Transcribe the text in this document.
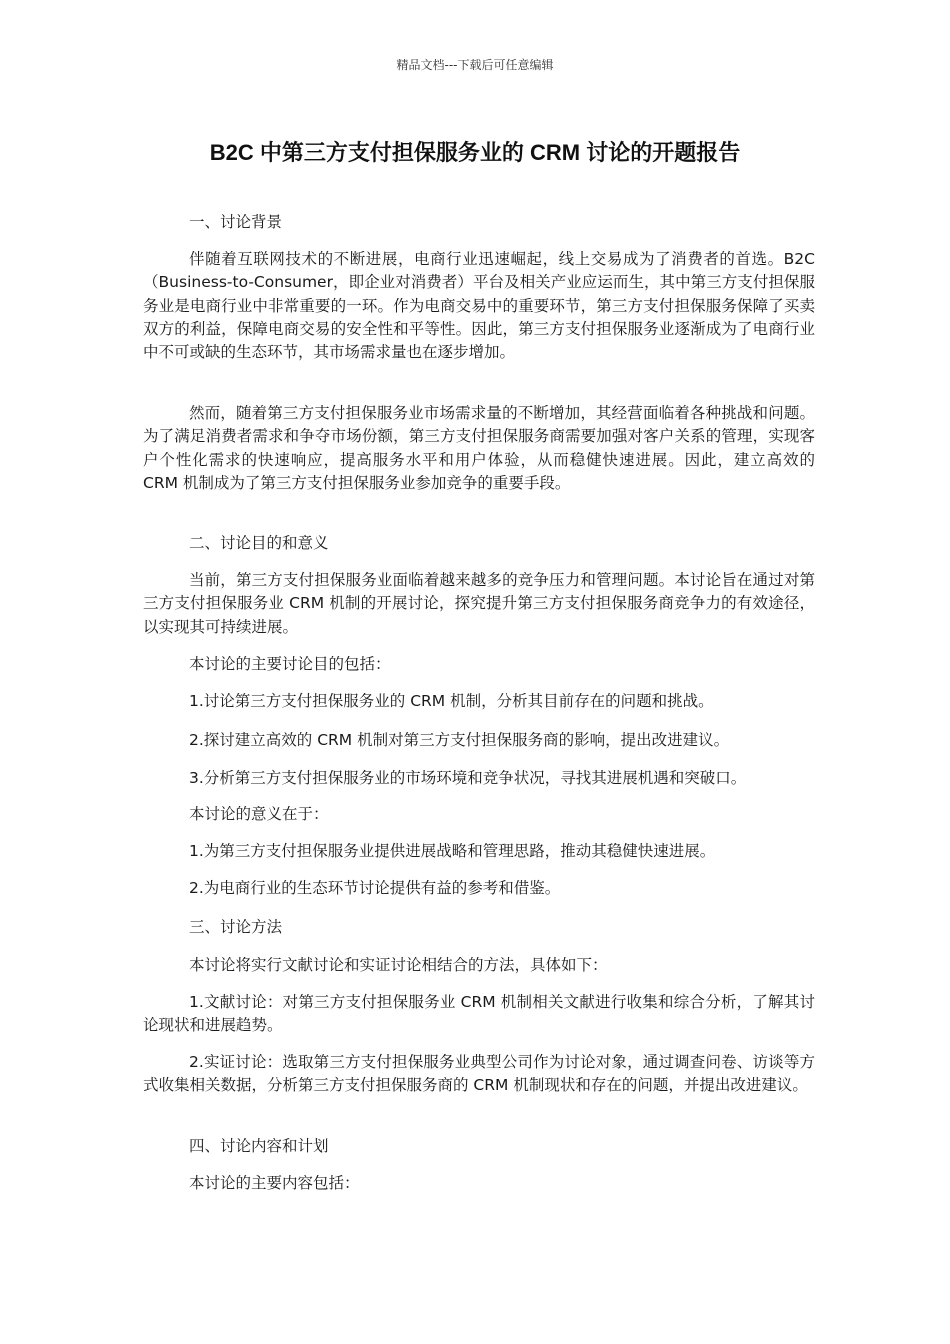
精品文档---下载后可任意编辑
B2C 中第三方支付担保服务业的 CRM 讨论的开题报告

一、讨论背景

伴随着互联网技术的不断进展，电商行业迅速崛起，线上交易成为了消费者的首选。B2C（Business-to-Consumer，即企业对消费者）平台及相关产业应运而生，其中第三方支付担保服务业是电商行业中非常重要的一环。作为电商交易中的重要环节，第三方支付担保服务保障了买卖双方的利益，保障电商交易的安全性和平等性。因此，第三方支付担保服务业逐渐成为了电商行业中不可或缺的生态环节，其市场需求量也在逐步增加。

然而，随着第三方支付担保服务业市场需求量的不断增加，其经营面临着各种挑战和问题。为了满足消费者需求和争夺市场份额，第三方支付担保服务商需要加强对客户关系的管理，实现客户个性化需求的快速响应，提高服务水平和用户体验，从而稳健快速进展。因此，建立高效的 CRM 机制成为了第三方支付担保服务业参加竞争的重要手段。

二、讨论目的和意义

当前，第三方支付担保服务业面临着越来越多的竞争压力和管理问题。本讨论旨在通过对第三方支付担保服务业 CRM 机制的开展讨论，探究提升第三方支付担保服务商竞争力的有效途径，以实现其可持续进展。

本讨论的主要讨论目的包括：

1.讨论第三方支付担保服务业的 CRM 机制，分析其目前存在的问题和挑战。

2.探讨建立高效的 CRM 机制对第三方支付担保服务商的影响，提出改进建议。

3.分析第三方支付担保服务业的市场环境和竞争状况，寻找其进展机遇和突破口。

本讨论的意义在于：

1.为第三方支付担保服务业提供进展战略和管理思路，推动其稳健快速进展。

2.为电商行业的生态环节讨论提供有益的参考和借鉴。

三、讨论方法

本讨论将实行文献讨论和实证讨论相结合的方法，具体如下：

1.文献讨论：对第三方支付担保服务业 CRM 机制相关文献进行收集和综合分析，了解其讨论现状和进展趋势。

2.实证讨论：选取第三方支付担保服务业典型公司作为讨论对象，通过调查问卷、访谈等方式收集相关数据，分析第三方支付担保服务商的 CRM 机制现状和存在的问题，并提出改进建议。

四、讨论内容和计划

本讨论的主要内容包括：
